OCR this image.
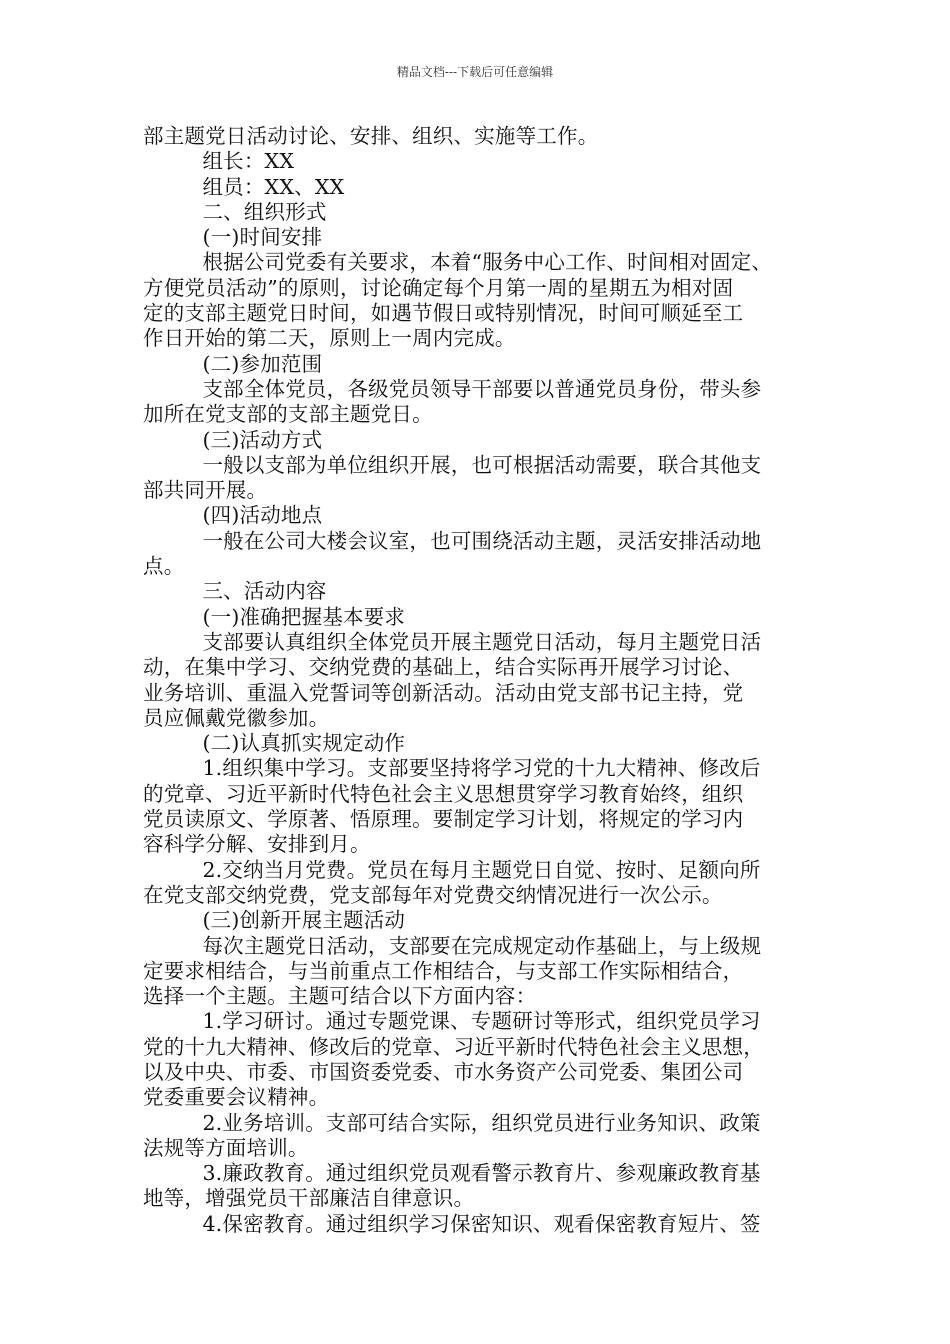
精品文档---下载后可任意编辑
部主题党日活动讨论、安排、组织、实施等工作。
组长：XX
组员：XX、XX
二、组织形式
(一)时间安排
根据公司党委有关要求，本着“服务中心工作、时间相对固定、
方便党员活动”的原则，讨论确定每个月第一周的星期五为相对固
定的支部主题党日时间，如遇节假日或特别情况，时间可顺延至工
作日开始的第二天，原则上一周内完成。
(二)参加范围
支部全体党员，各级党员领导干部要以普通党员身份，带头参
加所在党支部的支部主题党日。
(三)活动方式
一般以支部为单位组织开展，也可根据活动需要，联合其他支
部共同开展。
(四)活动地点
一般在公司大楼会议室，也可围绕活动主题，灵活安排活动地
点。
三、活动内容
(一)准确把握基本要求
支部要认真组织全体党员开展主题党日活动，每月主题党日活
动，在集中学习、交纳党费的基础上，结合实际再开展学习讨论、
业务培训、重温入党誓词等创新活动。活动由党支部书记主持，党
员应佩戴党徽参加。
(二)认真抓实规定动作
1.组织集中学习。支部要坚持将学习党的十九大精神、修改后
的党章、习近平新时代特色社会主义思想贯穿学习教育始终，组织
党员读原文、学原著、悟原理。要制定学习计划，将规定的学习内
容科学分解、安排到月。
2.交纳当月党费。党员在每月主题党日自觉、按时、足额向所
在党支部交纳党费，党支部每年对党费交纳情况进行一次公示。
(三)创新开展主题活动
每次主题党日活动，支部要在完成规定动作基础上，与上级规
定要求相结合，与当前重点工作相结合，与支部工作实际相结合，
选择一个主题。主题可结合以下方面内容：
1.学习研讨。通过专题党课、专题研讨等形式，组织党员学习
党的十九大精神、修改后的党章、习近平新时代特色社会主义思想，
以及中央、市委、市国资委党委、市水务资产公司党委、集团公司
党委重要会议精神。
2.业务培训。支部可结合实际，组织党员进行业务知识、政策
法规等方面培训。
3.廉政教育。通过组织党员观看警示教育片、参观廉政教育基
地等，增强党员干部廉洁自律意识。
4.保密教育。通过组织学习保密知识、观看保密教育短片、签
